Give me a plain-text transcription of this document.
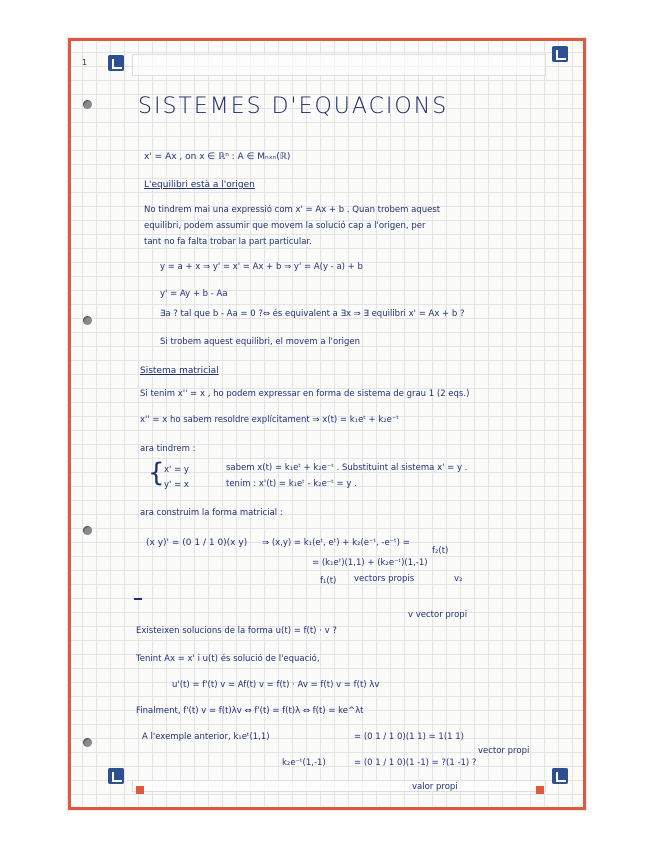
1
SISTEMES D'EQUACIONS
x' = Ax , on x ∈ ℝⁿ : A ∈ Mₙₓₙ(ℝ)
L'equilibri està a l'origen
No tindrem mai una expressió com x' = Ax + b . Quan trobem aquest
equilibri, podem assumir que movem la solució cap a l'origen, per
tant no fa falta trobar la part particular.
y = a + x ⇒ y' = x' = Ax + b ⇒ y' = A(y - a) + b
y' = Ay + b - Aa
∃a ? tal que b - Aa = 0 ?⇔ és equivalent a ∃x ⇒ ∃ equilibri x' = Ax + b ?
Si trobem aquest equilibri, el movem a l'origen
Sistema matricial
Si tenim x'' = x , ho podem expressar en forma de sistema de grau 1 (2 eqs.)
x'' = x ho sabem resoldre explícitament ⇒ x(t) = k₁eᵗ + k₂e⁻ᵗ
ara tindrem :
{ x' = y
y' = x
sabem x(t) = k₁eᵗ + k₂e⁻ᵗ . Substituint al sistema x' = y .
tenim : x'(t) = k₁eᵗ - k₂e⁻ᵗ = y .
ara construim la forma matricial :
(x y)' = (0 1 / 1 0)(x y) ⇒ (x,y) = k₁(eᵗ, eᵗ) + k₂(e⁻ᵗ, -e⁻ᵗ) =
f₂(t)
= (k₁eᵗ)(1,1) + (k₂e⁻ᵗ)(1,-1)
f₁(t) vectors propis	v₂
v vector propi
Existeixen solucions de la forma u(t) = f(t) · v ?
Tenint Ax = x' i u(t) és solució de l'equació,
u'(t) = f'(t) v = Af(t) v = f(t) · Av = f(t) v = f(t) λv
Finalment, f'(t) v = f(t)λv ⇔ f'(t) = f(t)λ ⇔ f(t) = ke^λt
A l'exemple anterior, k₁eᵗ(1,1)	= (0 1 / 1 0)(1 1) = 1(1 1)
k₂e⁻ᵗ(1,-1)	= (0 1 / 1 0)(1 -1) = ?(1 -1) ?
vector propi
valor propi
